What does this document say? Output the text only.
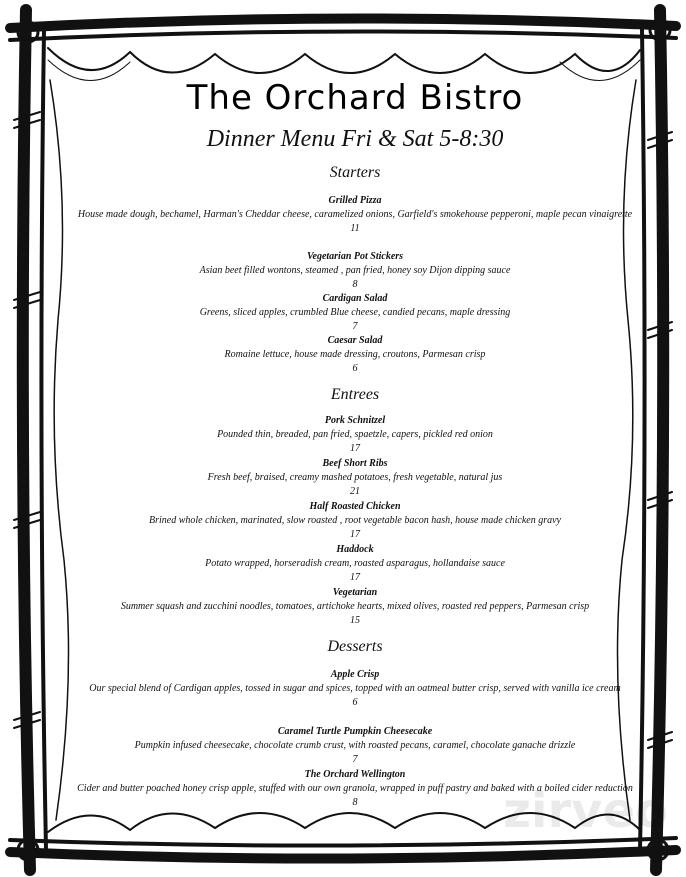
The Orchard Bistro
Dinner Menu Fri & Sat 5-8:30
Starters
Grilled Pizza
House made dough, bechamel, Harman's Cheddar cheese, caramelized onions, Garfield's smokehouse pepperoni, maple pecan vinaigrette
11
Vegetarian Pot Stickers
Asian beet filled wontons, steamed , pan fried, honey soy Dijon dipping sauce
8
Cardigan Salad
Greens, sliced apples, crumbled Blue cheese, candied pecans, maple dressing
7
Caesar Salad
Romaine lettuce, house made dressing, croutons, Parmesan crisp
6
Entrees
Pork Schnitzel
Pounded thin, breaded, pan fried, spaetzle, capers, pickled red onion
17
Beef Short Ribs
Fresh beef, braised, creamy mashed potatoes, fresh vegetable, natural jus
21
Half Roasted Chicken
Brined whole chicken, marinated, slow roasted , root vegetable bacon hash, house made chicken gravy
17
Haddock
Potato wrapped, horseradish cream, roasted asparagus, hollandaise sauce
17
Vegetarian
Summer squash and zucchini noodles, tomatoes, artichoke hearts, mixed olives, roasted red peppers, Parmesan crisp
15
Desserts
Apple Crisp
Our special blend of Cardigan apples, tossed in sugar and spices, topped with an oatmeal butter crisp, served with vanilla ice cream
6
Caramel Turtle Pumpkin Cheesecake
Pumpkin infused cheesecake, chocolate crumb crust, with roasted pecans, caramel, chocolate ganache drizzle
7
The Orchard Wellington
Cider and butter poached honey crisp apple, stuffed with our own granola, wrapped in puff pastry and baked with a boiled cider reduction
8	zirveo
